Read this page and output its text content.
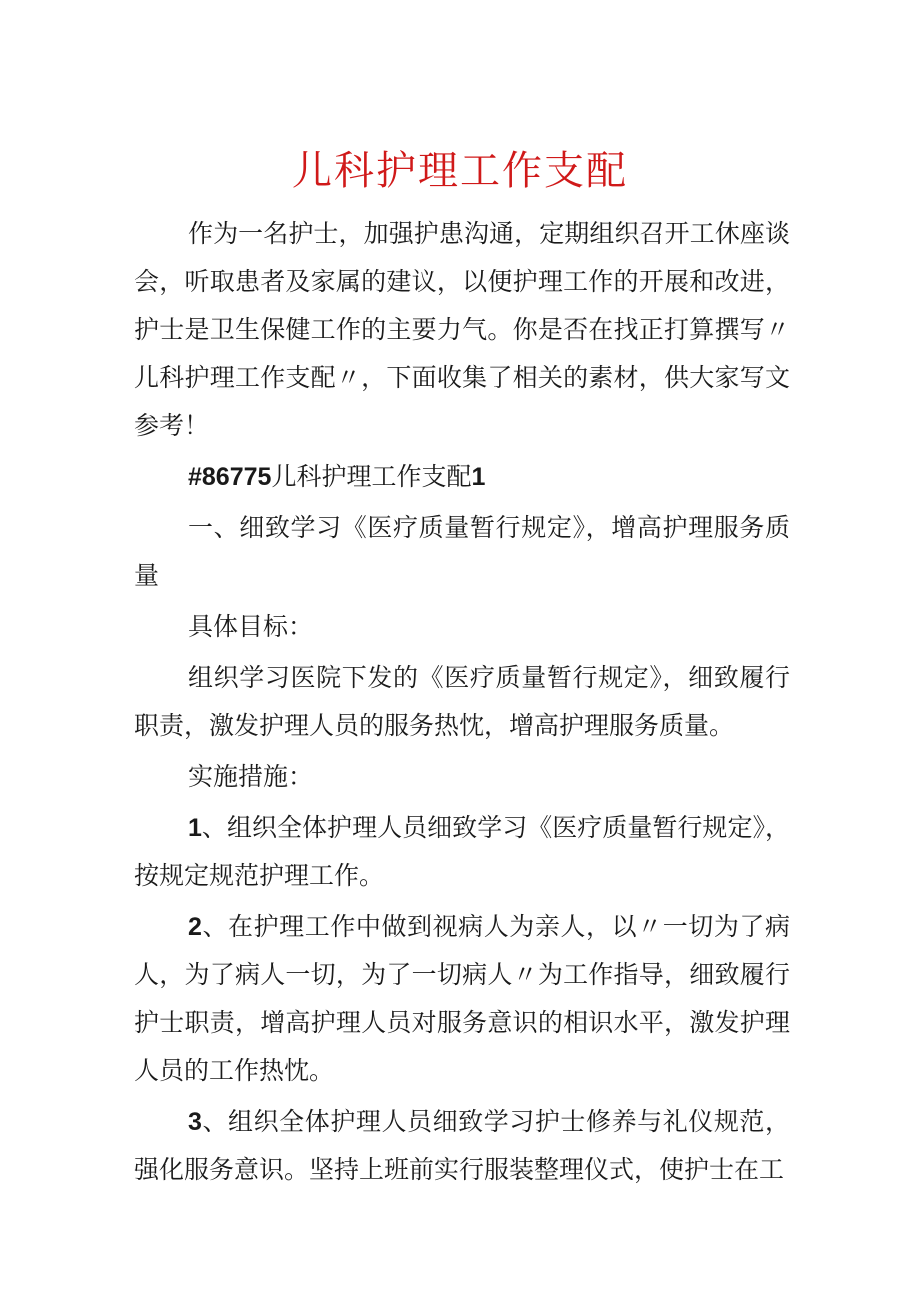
儿科护理工作支配

作为一名护士，加强护患沟通，定期组织召开工休座谈会，听取患者及家属的建议，以便护理工作的开展和改进，护士是卫生保健工作的主要力气。你是否在找正打算撰写〃儿科护理工作支配〃，下面收集了相关的素材，供大家写文参考！

#86775儿科护理工作支配1

一、细致学习《医疗质量暂行规定》，增高护理服务质量

具体目标：

组织学习医院下发的《医疗质量暂行规定》，细致履行职责，激发护理人员的服务热忱，增高护理服务质量。

实施措施：

1、组织全体护理人员细致学习《医疗质量暂行规定》，按规定规范护理工作。

2、在护理工作中做到视病人为亲人，以〃一切为了病人，为了病人一切，为了一切病人〃为工作指导，细致履行护士职责，增高护理人员对服务意识的相识水平，激发护理人员的工作热忱。

3、组织全体护理人员细致学习护士修养与礼仪规范，强化服务意识。坚持上班前实行服装整理仪式，使护士在工
